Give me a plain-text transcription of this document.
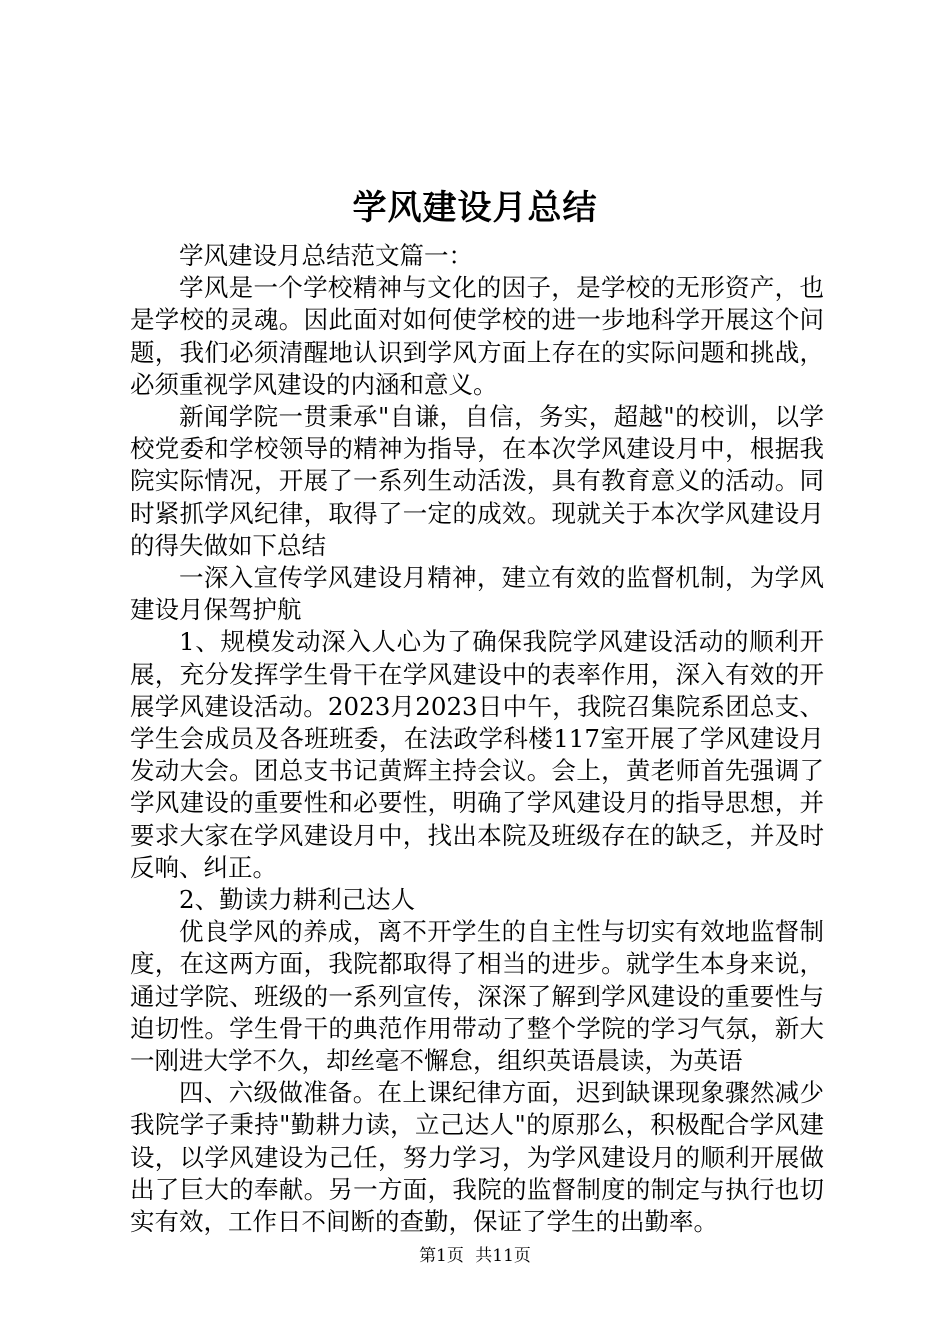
学风建设月总结

学风建设月总结范文篇一：

学风是一个学校精神与文化的因子，是学校的无形资产，也是学校的灵魂。因此面对如何使学校的进一步地科学开展这个问题，我们必须清醒地认识到学风方面上存在的实际问题和挑战，必须重视学风建设的内涵和意义。

新闻学院一贯秉承"自谦，自信，务实，超越"的校训，以学校党委和学校领导的精神为指导，在本次学风建设月中，根据我院实际情况，开展了一系列生动活泼，具有教育意义的活动。同时紧抓学风纪律，取得了一定的成效。现就关于本次学风建设月的得失做如下总结

一深入宣传学风建设月精神，建立有效的监督机制，为学风建设月保驾护航

1、规模发动深入人心为了确保我院学风建设活动的顺利开展，充分发挥学生骨干在学风建设中的表率作用，深入有效的开展学风建设活动。2023月2023日中午，我院召集院系团总支、学生会成员及各班班委，在法政学科楼117室开展了学风建设月发动大会。团总支书记黄辉主持会议。会上，黄老师首先强调了学风建设的重要性和必要性，明确了学风建设月的指导思想，并要求大家在学风建设月中，找出本院及班级存在的缺乏，并及时反响、纠正。

2、勤读力耕利己达人

优良学风的养成，离不开学生的自主性与切实有效地监督制度，在这两方面，我院都取得了相当的进步。就学生本身来说，通过学院、班级的一系列宣传，深深了解到学风建设的重要性与迫切性。学生骨干的典范作用带动了整个学院的学习气氛，新大一刚进大学不久，却丝毫不懈怠，组织英语晨读，为英语

四、六级做准备。在上课纪律方面，迟到缺课现象骤然减少我院学子秉持"勤耕力读，立己达人"的原那么，积极配合学风建设，以学风建设为己任，努力学习，为学风建设月的顺利开展做出了巨大的奉献。另一方面，我院的监督制度的制定与执行也切实有效，工作日不间断的查勤，保证了学生的出勤率。

第1页 共11页
